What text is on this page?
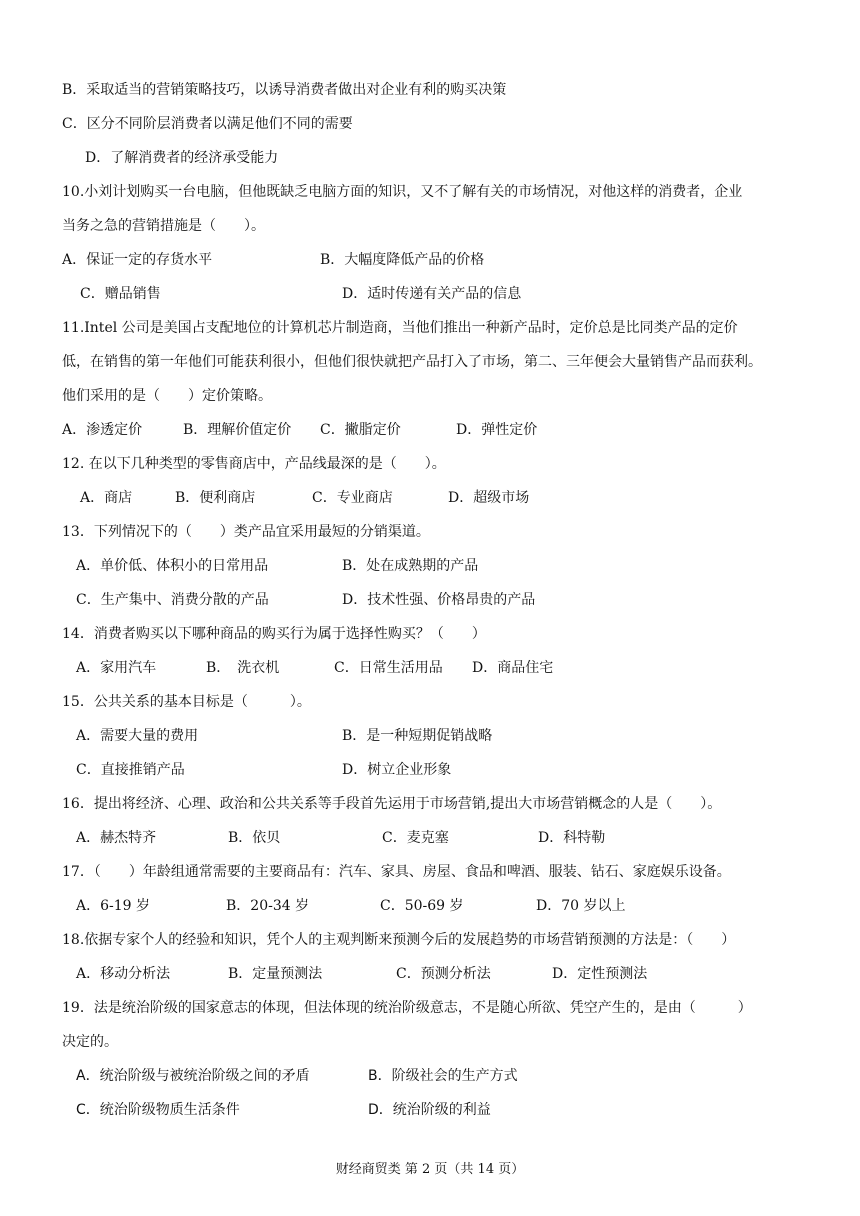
B．采取适当的营销策略技巧，以诱导消费者做出对企业有利的购买决策
C．区分不同阶层消费者以满足他们不同的需要
D．了解消费者的经济承受能力
10.小刘计划购买一台电脑，但他既缺乏电脑方面的知识，又不了解有关的市场情况，对他这样的消费者，企业
当务之急的营销措施是（　　）。
A．保证一定的存货水平	B．大幅度降低产品的价格
C．赠品销售	D．适时传递有关产品的信息
11.Intel 公司是美国占支配地位的计算机芯片制造商，当他们推出一种新产品时，定价总是比同类产品的定价
低，在销售的第一年他们可能获利很小，但他们很快就把产品打入了市场，第二、三年便会大量销售产品而获利。
他们采用的是（　　）定价策略。
A．渗透定价	B．理解价值定价 C．撇脂定价	D．弹性定价
12. 在以下几种类型的零售商店中，产品线最深的是（　　）。
A．商店	B．便利商店	C．专业商店	D．超级市场
13．下列情况下的（　　）类产品宜采用最短的分销渠道。
A．单价低、体积小的日常用品	B．处在成熟期的产品
C．生产集中、消费分散的产品	D．技术性强、价格昂贵的产品
14．消费者购买以下哪种商品的购买行为属于选择性购买？（　　）
A．家用汽车	B．　洗衣机	C．日常生活用品 D．商品住宅
15．公共关系的基本目标是（　　　）。
A．需要大量的费用	B．是一种短期促销战略
C．直接推销产品	D．树立企业形象
16．提出将经济、心理、政治和公共关系等手段首先运用于市场营销,提出大市场营销概念的人是（　　）。
A．赫杰特齐	B．依贝	C．麦克塞	D．科特勒
17．（　　）年龄组通常需要的主要商品有：汽车、家具、房屋、食品和啤酒、服装、钻石、家庭娱乐设备。
A．6-19 岁	B．20-34 岁	C．50-69 岁	D．70 岁以上
18.依据专家个人的经验和知识，凭个人的主观判断来预测今后的发展趋势的市场营销预测的方法是：（　　）
A．移动分析法	B．定量预测法	C．预测分析法	D．定性预测法
19．法是统治阶级的国家意志的体现，但法体现的统治阶级意志，不是随心所欲、凭空产生的，是由（　　　）
决定的。
A．统治阶级与被统治阶级之间的矛盾	B．阶级社会的生产方式
C．统治阶级物质生活条件	D．统治阶级的利益
财经商贸类 第 2 页（共 14 页）
